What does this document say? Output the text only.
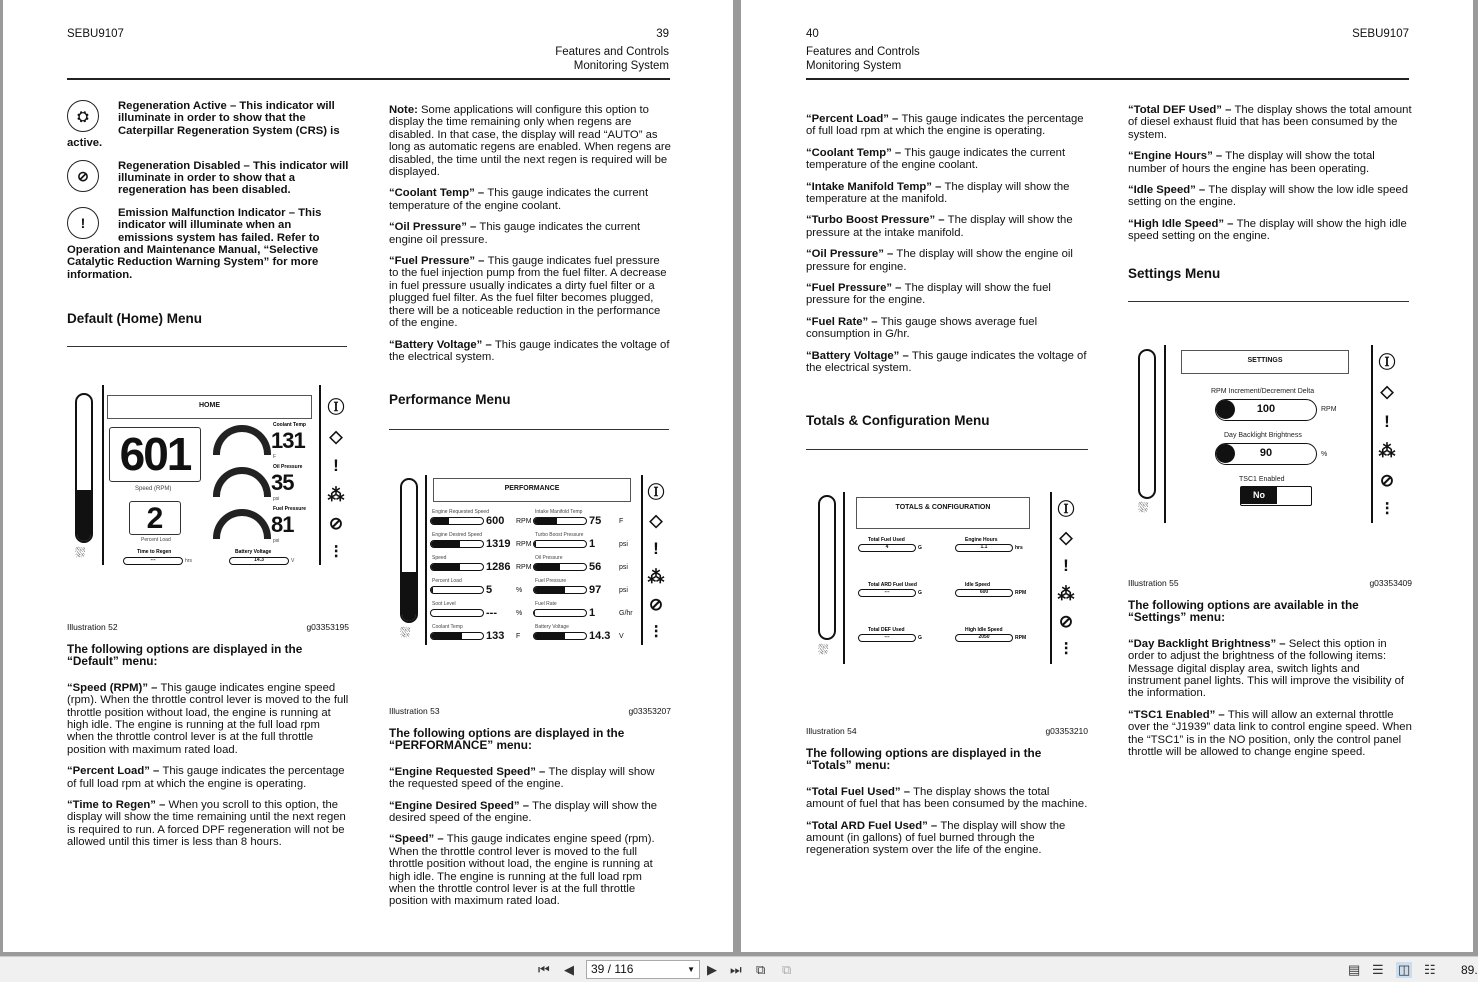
SEBU9107	39
Features and Controls
Monitoring System
⛭
Regeneration Active – This indicator will illuminate in order to show that the Caterpillar Regeneration System (CRS) is active.
⊘
Regeneration Disabled – This indicator will illuminate in order to show that a regeneration has been disabled.
!
Emission Malfunction Indicator – This indicator will illuminate when an emissions system has failed. Refer to Operation and Maintenance Manual, “Selective Catalytic Reduction Warning System” for more information.
Default (Home) Menu
⛆
HOME
601
Speed (RPM)
2
Percent Load
Time to Regen
---	hrs
Battery Voltage
14.3	V
Ⓘ
◇
!
⁂
⊘
⫶
Coolant Temp
131
F
Oil Pressure
35
psi
Fuel Pressure
81
psi
Illustration 52	g03353195
The following options are displayed in the “Default” menu:
“Speed (RPM)” – This gauge indicates engine speed (rpm). When the throttle control lever is moved to the full throttle position without load, the engine is running at high idle. The engine is running at the full load rpm when the throttle control lever is at the full throttle position with maximum rated load.
“Percent Load” – This gauge indicates the percentage of full load rpm at which the engine is operating.
“Time to Regen” – When you scroll to this option, the display will show the time remaining until the next regen is required to run. A forced DPF regeneration will not be allowed until this timer is less than 8 hours.
Note: Some applications will configure this option to display the time remaining only when regens are disabled. In that case, the display will read “AUTO” as long as automatic regens are enabled. When regens are disabled, the time until the next regen is required will be displayed.
“Coolant Temp” – This gauge indicates the current temperature of the engine coolant.
“Oil Pressure” – This gauge indicates the current engine oil pressure.
“Fuel Pressure” – This gauge indicates fuel pressure to the fuel injection pump from the fuel filter. A decrease in fuel pressure usually indicates a dirty fuel filter or a plugged fuel filter. As the fuel filter becomes plugged, there will be a noticeable reduction in the performance of the engine.
“Battery Voltage” – This gauge indicates the voltage of the electrical system.
Performance Menu
⛆
PERFORMANCE	Ⓘ
◇
!
⁂
⊘
⫶
Engine Requested Speed
600 RPM
Intake Manifold Temp
75	F
Engine Desired Speed
1319 RPM
Turbo Boost Pressure
1	psi
Speed
1286 RPM
Oil Pressure
56	psi
Percent Load
5	%
Fuel Pressure
97	psi
Soot Level
---	%
Fuel Rate
1	G/hr
Coolant Temp
133 F
Battery Voltage
14.3 V
Illustration 53	g03353207
The following options are displayed in the “PERFORMANCE” menu:
“Engine Requested Speed” – The display will show the requested speed of the engine.
“Engine Desired Speed” – The display will show the desired speed of the engine.
“Speed” – This gauge indicates engine speed (rpm). When the throttle control lever is moved to the full throttle position without load, the engine is running at high idle. The engine is running at the full load rpm when the throttle control lever is at the full throttle position with maximum rated load.
40	SEBU9107
Features and Controls
Monitoring System
“Percent Load” – This gauge indicates the percentage of full load rpm at which the engine is operating.
“Coolant Temp” – This gauge indicates the current temperature of the engine coolant.
“Intake Manifold Temp” – The display will show the temperature at the manifold.
“Turbo Boost Pressure” – The display will show the pressure at the intake manifold.
“Oil Pressure” – The display will show the engine oil pressure for engine.
“Fuel Pressure” – The display will show the fuel pressure for the engine.
“Fuel Rate” – This gauge shows average fuel consumption in G/hr.
“Battery Voltage” – This gauge indicates the voltage of the electrical system.
Totals & Configuration Menu
⛆
TOTALS & CONFIGURATION	Ⓘ
◇
!
⁂
⊘
⫶
Total Fuel Used
4	G
Engine Hours
1.1	hrs
Total ARD Fuel Used
---	G
Idle Speed
600	RPM
Total DEF Used
---	G
High Idle Speed
2050	RPM
Illustration 54	g03353210
The following options are displayed in the “Totals” menu:
“Total Fuel Used” – The display shows the total amount of fuel that has been consumed by the machine.
“Total ARD Fuel Used” – The display will show the amount (in gallons) of fuel burned through the regeneration system over the life of the engine.
“Total DEF Used” – The display shows the total amount of diesel exhaust fluid that has been consumed by the system.
“Engine Hours” – The display will show the total number of hours the engine has been operating.
“Idle Speed” – The display will show the low idle speed setting on the engine.
“High Idle Speed” – The display will show the high idle speed setting on the engine.
Settings Menu
⛆
SETTINGS
RPM Increment/Decrement Delta
100	RPM
Day Backlight Brightness
90	%
TSC1 Enabled
No
Ⓘ
◇
!
⁂
⊘
⫶
Illustration 55	g03353409
The following options are available in the “Settings” menu:
“Day Backlight Brightness” – Select this option in order to adjust the brightness of the following items: Message digital display area, switch lights and instrument panel lights. This will improve the visibility of the information.
“TSC1 Enabled” – This will allow an external throttle over the “J1939” data link to control engine speed. When the “TSC1” is in the NO position, only the control panel throttle will be allowed to change engine speed.
⏮ ◀	39 / 116	▼ ▶ ⏭ ⧉ ⧉	▤ ☰ ◫ ☷ 89.
